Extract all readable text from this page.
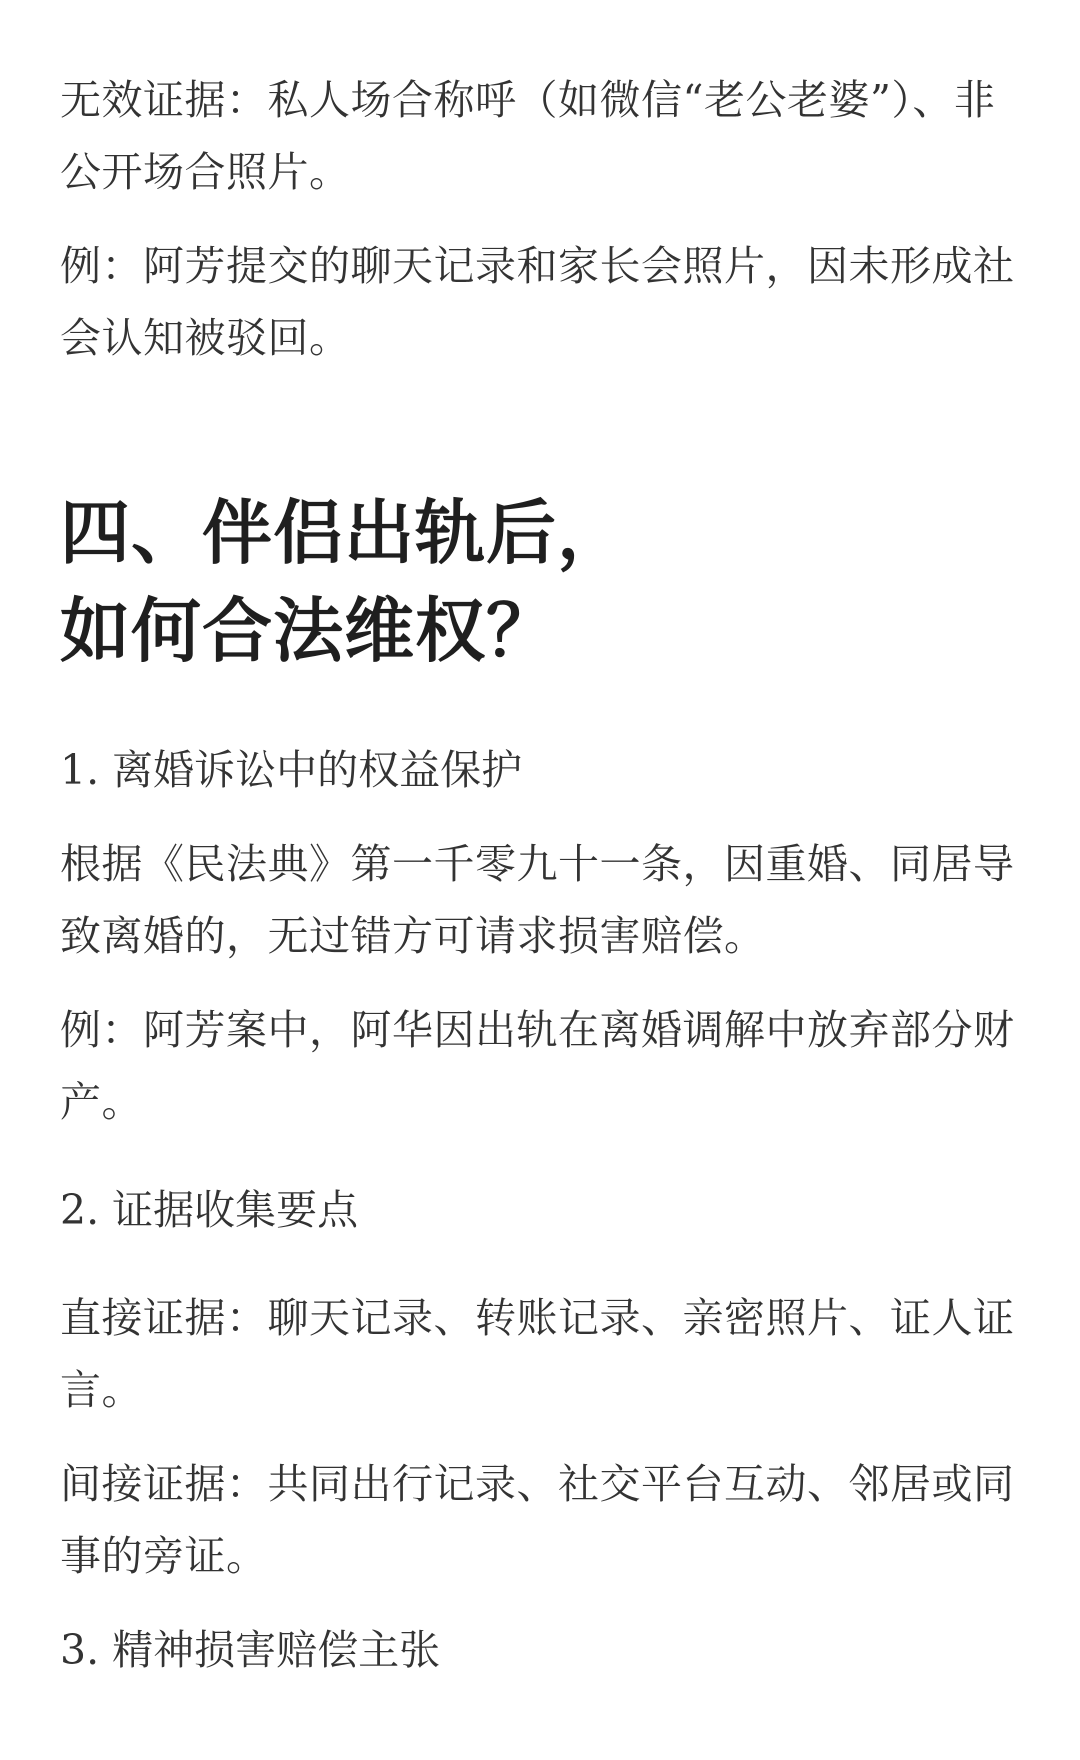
无效证据：私人场合称呼（如微信“老公老婆”）、非公开场合照片。

例：阿芳提交的聊天记录和家长会照片，因未形成社会认知被驳回。

四、伴侣出轨后，
如何合法维权？

1. 离婚诉讼中的权益保护

根据《民法典》第一千零九十一条，因重婚、同居导致离婚的，无过错方可请求损害赔偿。

例：阿芳案中，阿华因出轨在离婚调解中放弃部分财产。

2. 证据收集要点

直接证据：聊天记录、转账记录、亲密照片、证人证言。

间接证据：共同出行记录、社交平台互动、邻居或同事的旁证。

3. 精神损害赔偿主张
